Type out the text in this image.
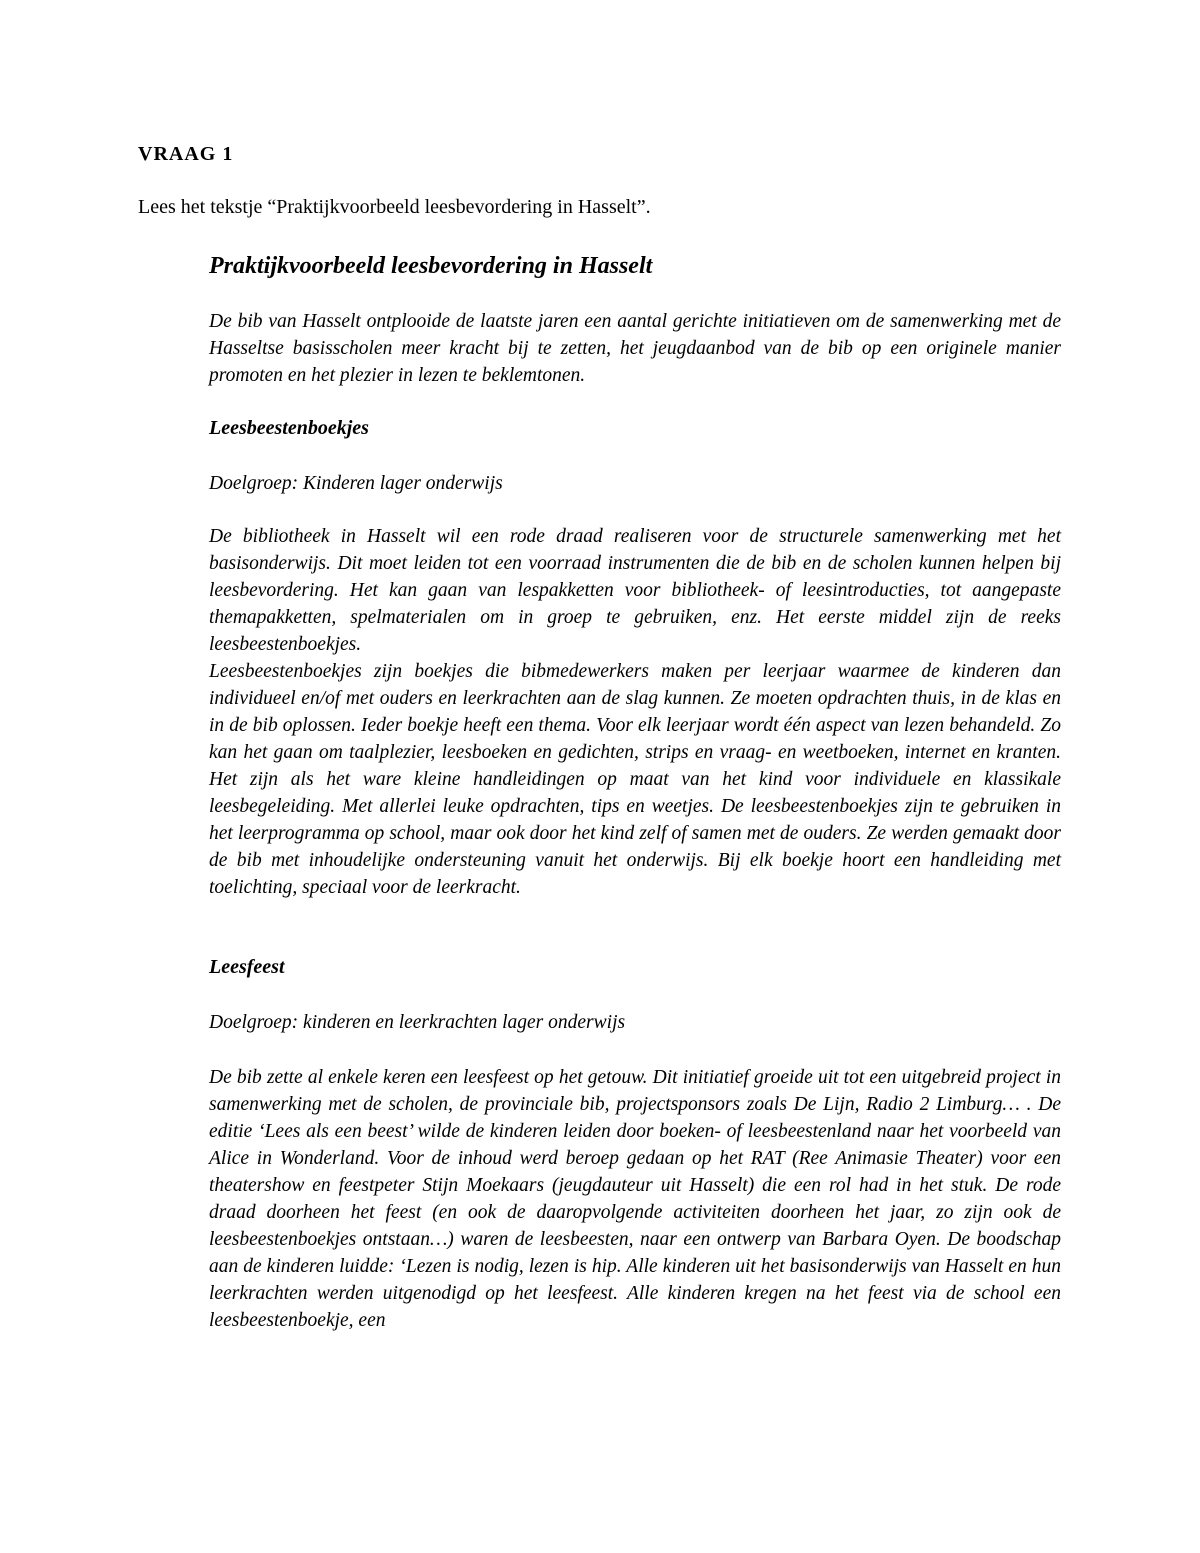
VRAAG 1

Lees het tekstje “Praktijkvoorbeeld leesbevordering in Hasselt”.

Praktijkvoorbeeld leesbevordering in Hasselt

De bib van Hasselt ontplooide de laatste jaren een aantal gerichte initiatieven om de samenwerking met de Hasseltse basisscholen meer kracht bij te zetten, het jeugdaanbod van de bib op een originele manier promoten en het plezier in lezen te beklemtonen.

Leesbeestenboekjes

Doelgroep: Kinderen lager onderwijs

De bibliotheek in Hasselt wil een rode draad realiseren voor de structurele samenwerking met het basisonderwijs. Dit moet leiden tot een voorraad instrumenten die de bib en de scholen kunnen helpen bij leesbevordering. Het kan gaan van lespakketten voor bibliotheek- of leesintroducties, tot aangepaste themapakketten, spelmaterialen om in groep te gebruiken, enz. Het eerste middel zijn de reeks leesbeestenboekjes.

Leesbeestenboekjes zijn boekjes die bibmedewerkers maken per leerjaar waarmee de kinderen dan individueel en/of met ouders en leerkrachten aan de slag kunnen. Ze moeten opdrachten thuis, in de klas en in de bib oplossen. Ieder boekje heeft een thema. Voor elk leerjaar wordt één aspect van lezen behandeld. Zo kan het gaan om taalplezier, leesboeken en gedichten, strips en vraag- en weetboeken, internet en kranten. Het zijn als het ware kleine handleidingen op maat van het kind voor individuele en klassikale leesbegeleiding. Met allerlei leuke opdrachten, tips en weetjes. De leesbeestenboekjes zijn te gebruiken in het leerprogramma op school, maar ook door het kind zelf of samen met de ouders. Ze werden gemaakt door de bib met inhoudelijke ondersteuning vanuit het onderwijs. Bij elk boekje hoort een handleiding met toelichting, speciaal voor de leerkracht.

Leesfeest

Doelgroep: kinderen en leerkrachten lager onderwijs

De bib zette al enkele keren een leesfeest op het getouw. Dit initiatief groeide uit tot een uitgebreid project in samenwerking met de scholen, de provinciale bib, projectsponsors zoals De Lijn, Radio 2 Limburg… . De editie ‘Lees als een beest’ wilde de kinderen leiden door boeken- of leesbeestenland naar het voorbeeld van Alice in Wonderland. Voor de inhoud werd beroep gedaan op het RAT (Ree Animasie Theater) voor een theatershow en feestpeter Stijn Moekaars (jeugdauteur uit Hasselt) die een rol had in het stuk. De rode draad doorheen het feest (en ook de daaropvolgende activiteiten doorheen het jaar, zo zijn ook de leesbeestenboekjes ontstaan…) waren de leesbeesten, naar een ontwerp van Barbara Oyen. De boodschap aan de kinderen luidde: ‘Lezen is nodig, lezen is hip. Alle kinderen uit het basisonderwijs van Hasselt en hun leerkrachten werden uitgenodigd op het leesfeest. Alle kinderen kregen na het feest via de school een leesbeestenboekje, een
